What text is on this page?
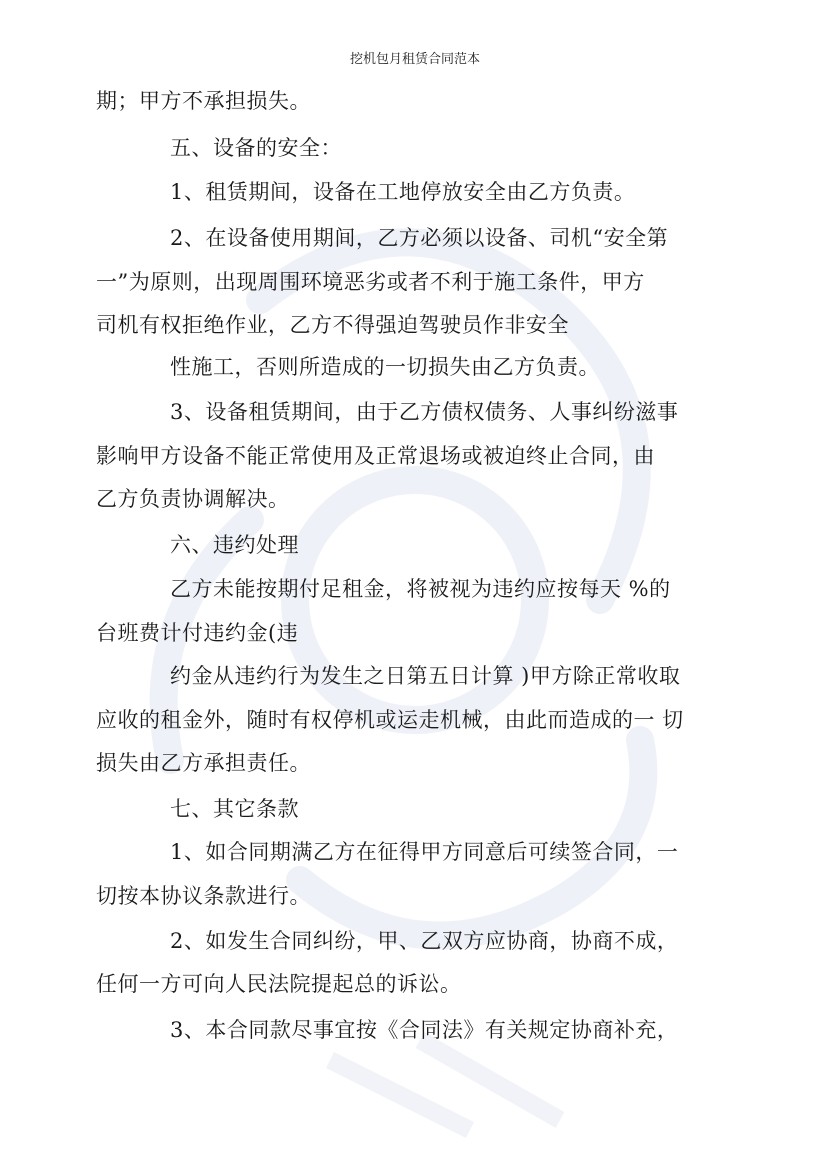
挖机包月租赁合同范本
期；甲方不承担损失。
五、设备的安全：
1、租赁期间，设备在工地停放安全由乙方负责。
2、在设备使用期间，乙方必须以设备、司机“安全第
一”为原则，出现周围环境恶劣或者不利于施工条件，甲方
司机有权拒绝作业，乙方不得强迫驾驶员作非安全
性施工，否则所造成的一切损失由乙方负责。
3、设备租赁期间，由于乙方债权债务、人事纠纷滋事
影响甲方设备不能正常使用及正常退场或被迫终止合同，由
乙方负责协调解决。
六、违约处理
乙方未能按期付足租金，将被视为违约应按每天 %的
台班费计付违约金(违
约金从违约行为发生之日第五日计算 )甲方除正常收取
应收的租金外，随时有权停机或运走机械，由此而造成的一 切
损失由乙方承担责任。
七、其它条款
1、如合同期满乙方在征得甲方同意后可续签合同，一
切按本协议条款进行。
2、如发生合同纠纷，甲、乙双方应协商，协商不成，
任何一方可向人民法院提起总的诉讼。
3、本合同款尽事宜按《合同法》有关规定协商补充，
